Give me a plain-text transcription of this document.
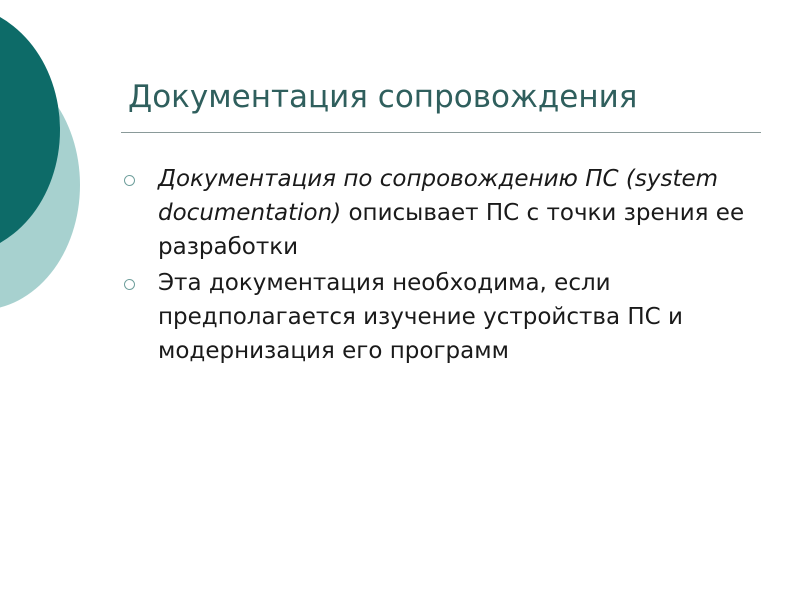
Документация сопровождения
Документация по сопровождению ПС (system documentation) описывает ПС с точки зрения ее разработки
Эта документация необходима, если предполагается изучение устройства ПС и модернизация его программ
